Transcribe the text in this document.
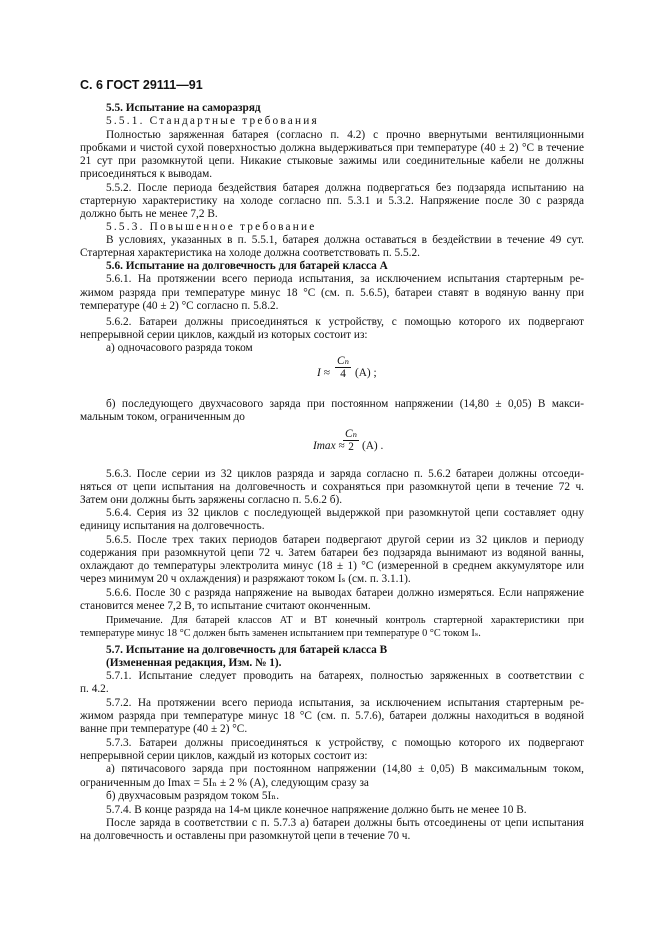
С. 6 ГОСТ 29111—91
5.5. Испытание на саморазряд
5.5.1. Стандартные требования
Полностью заряженная батарея (согласно п. 4.2) с прочно ввернутыми вентиляционными
пробками и чистой сухой поверхностью должна выдерживаться при температуре (40 ± 2) °С в течение
21 сут при разомкнутой цепи. Никакие стыковые зажимы или соединительные кабели не должны
присоединяться к выводам.
5.5.2. После периода бездействия батарея должна подвергаться без подзаряда испытанию на
стартерную характеристику на холоде согласно пп. 5.3.1 и 5.3.2. Напряжение после 30 с разряда
должно быть не менее 7,2 В.
5.5.3. Повышенное требование
В условиях, указанных в п. 5.5.1, батарея должна оставаться в бездействии в течение 49 сут.
Стартерная характеристика на холоде должна соответствовать п. 5.5.2.
5.6. Испытание на долговечность для батарей класса А
5.6.1. На протяжении всего периода испытания, за исключением испытания стартерным ре-
жимом разряда при температуре минус 18 °С (см. п. 5.6.5), батареи ставят в водяную ванну при
температуре (40 ± 2) °С согласно п. 5.8.2.
5.6.2. Батареи должны присоединяться к устройству, с помощью которого их подвергают
непрерывной серии циклов, каждый из которых состоит из:
а) одночасового разряда током
$I \approx \frac{\text{Cₙ}}{4} (А)$ ;
б) последующего двухчасового заряда при постоянном напряжении (14,80 ± 0,05) В макси-
мальным током, ограниченным до
Imax ≈
$\frac{\text{Cₙ}}{2} (А)$ .
5.6.3. После серии из 32 циклов разряда и заряда согласно п. 5.6.2 батареи должны отсоеди-
няться от цепи испытания на долговечность и сохраняться при разомкнутой цепи в течение 72 ч.
Затем они должны быть заряжены согласно п. 5.6.2 б).
5.6.4. Серия из 32 циклов с последующей выдержкой при разомкнутой цепи составляет одну
единицу испытания на долговечность.
5.6.5. После трех таких периодов батареи подвергают другой серии из 32 циклов и периоду
содержания при разомкнутой цепи 72 ч. Затем батареи без подзаряда вынимают из водяной ванны,
охлаждают до температуры электролита минус (18 ± 1) °С (измеренной в среднем аккумуляторе или
через минимум 20 ч охлаждения) и разряжают током Iₛ (см. п. 3.1.1).
5.6.6. После 30 с разряда напряжение на выводах батареи должно измеряться. Если напряжение
становится менее 7,2 В, то испытание считают оконченным.
Примечание. Для батарей классов АТ и ВТ конечный контроль стартерной характеристики при
температуре минус 18 °С должен быть заменен испытанием при температуре 0 °С током Iₛ.
5.7. Испытание на долговечность для батарей класса В
(Измененная редакция, Изм. № 1).
5.7.1. Испытание следует проводить на батареях, полностью заряженных в соответствии с
п. 4.2.
5.7.2. На протяжении всего периода испытания, за исключением испытания стартерным ре-
жимом разряда при температуре минус 18 °С (см. п. 5.7.6), батареи должны находиться в водяной
ванне при температуре (40 ± 2) °С.
5.7.3. Батареи должны присоединяться к устройству, с помощью которого их подвергают
непрерывной серии циклов, каждый из которых состоит из:
а) пятичасового заряда при постоянном напряжении (14,80 ± 0,05) В максимальным током,
ограниченным до Imax = 5Iₙ ± 2 % (А), следующим сразу за
б) двухчасовым разрядом током 5Iₙ.
5.7.4. В конце разряда на 14-м цикле конечное напряжение должно быть не менее 10 В.
После заряда в соответствии с п. 5.7.3 а) батареи должны быть отсоединены от цепи испытания
на долговечность и оставлены при разомкнутой цепи в течение 70 ч.
